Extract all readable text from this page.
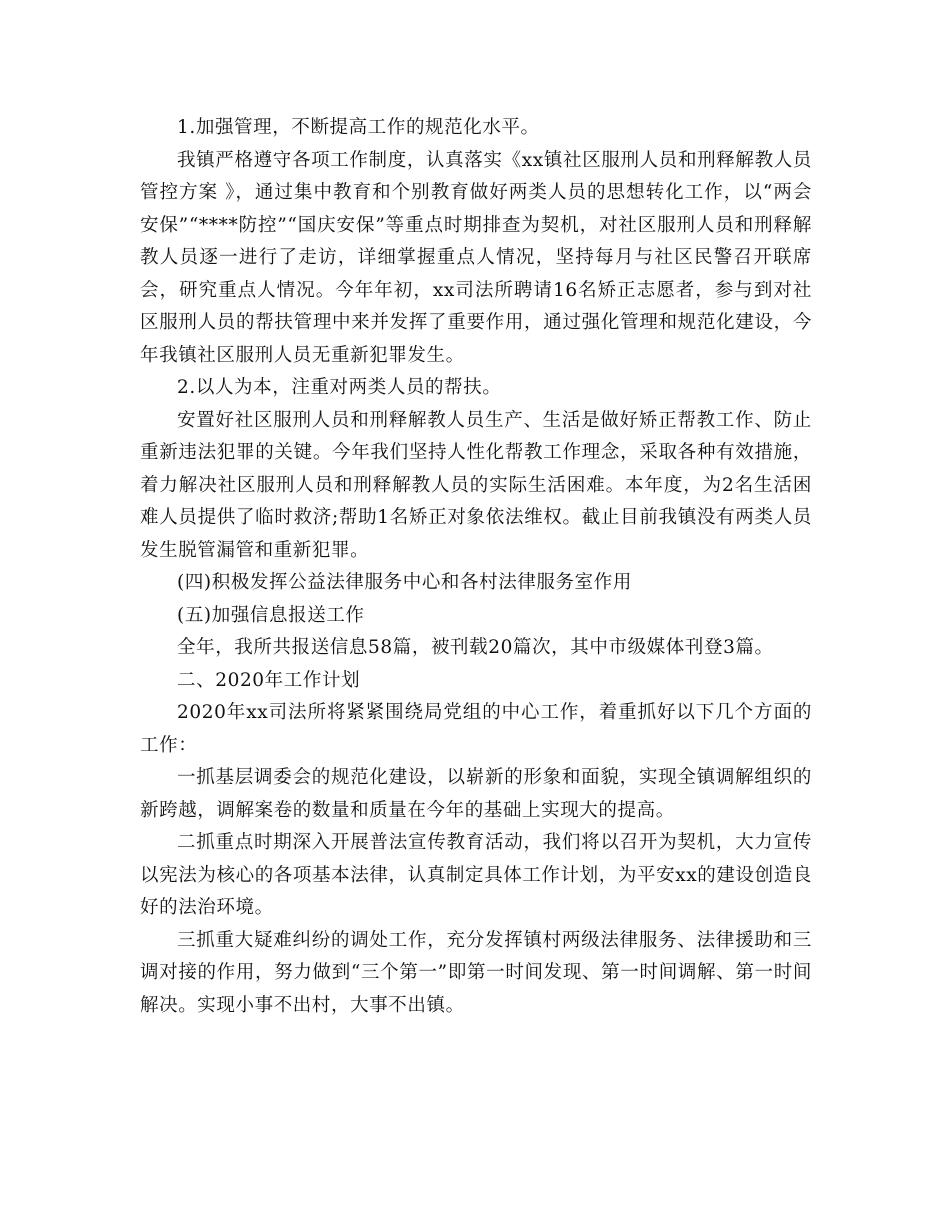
1.加强管理，不断提高工作的规范化水平。

我镇严格遵守各项工作制度，认真落实《xx镇社区服刑人员和刑释解教人员管控方案 》，通过集中教育和个别教育做好两类人员的思想转化工作，以“两会安保”“****防控”“国庆安保”等重点时期排查为契机，对社区服刑人员和刑释解教人员逐一进行了走访，详细掌握重点人情况，坚持每月与社区民警召开联席会，研究重点人情况。今年年初，xx司法所聘请16名矫正志愿者，参与到对社区服刑人员的帮扶管理中来并发挥了重要作用，通过强化管理和规范化建设，今年我镇社区服刑人员无重新犯罪发生。

2.以人为本，注重对两类人员的帮扶。

安置好社区服刑人员和刑释解教人员生产、生活是做好矫正帮教工作、防止重新违法犯罪的关键。今年我们坚持人性化帮教工作理念，采取各种有效措施，着力解决社区服刑人员和刑释解教人员的实际生活困难。本年度，为2名生活困难人员提供了临时救济;帮助1名矫正对象依法维权。截止目前我镇没有两类人员发生脱管漏管和重新犯罪。

(四)积极发挥公益法律服务中心和各村法律服务室作用

(五)加强信息报送工作

全年，我所共报送信息58篇，被刊载20篇次，其中市级媒体刊登3篇。

二、2020年工作计划

2020年xx司法所将紧紧围绕局党组的中心工作，着重抓好以下几个方面的工作：

一抓基层调委会的规范化建设，以崭新的形象和面貌，实现全镇调解组织的新跨越，调解案卷的数量和质量在今年的基础上实现大的提高。

二抓重点时期深入开展普法宣传教育活动，我们将以召开为契机，大力宣传以宪法为核心的各项基本法律，认真制定具体工作计划，为平安xx的建设创造良好的法治环境。

三抓重大疑难纠纷的调处工作，充分发挥镇村两级法律服务、法律援助和三调对接的作用，努力做到“三个第一”即第一时间发现、第一时间调解、第一时间解决。实现小事不出村，大事不出镇。
